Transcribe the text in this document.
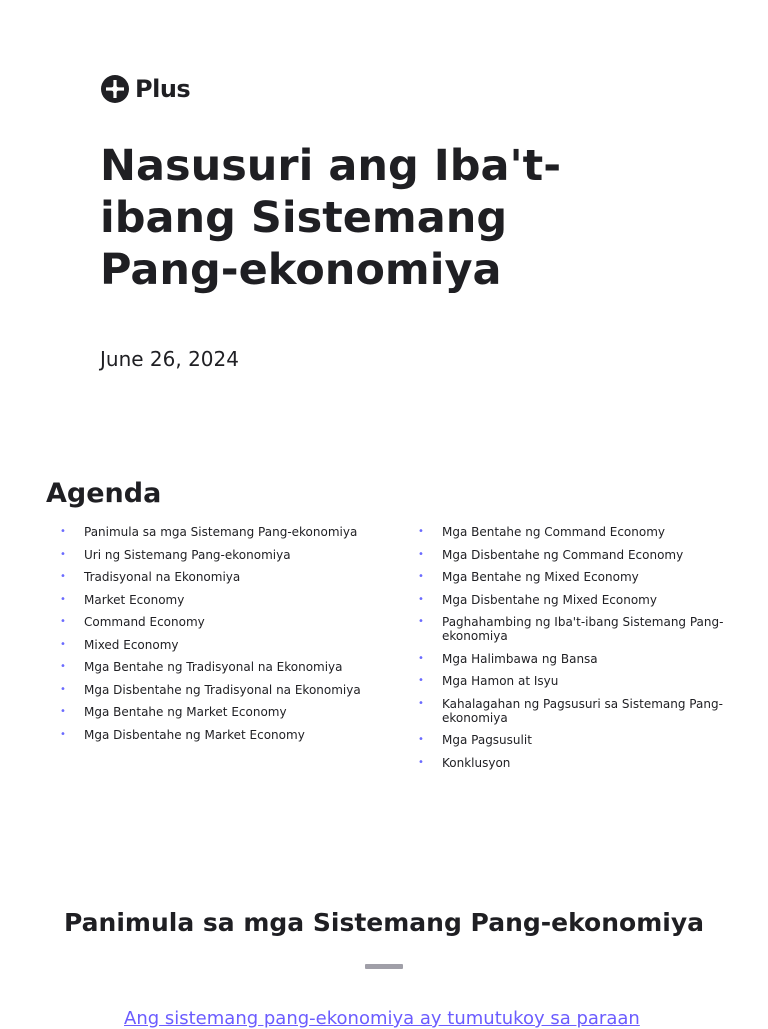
Plus
Nasusuri ang Iba't-ibang Sistemang Pang-ekonomiya
June 26, 2024
Agenda
• Panimula sa mga Sistemang Pang-ekonomiya
• Uri ng Sistemang Pang-ekonomiya
• Tradisyonal na Ekonomiya
• Market Economy
• Command Economy
• Mixed Economy
• Mga Bentahe ng Tradisyonal na Ekonomiya
• Mga Disbentahe ng Tradisyonal na Ekonomiya
• Mga Bentahe ng Market Economy
• Mga Disbentahe ng Market Economy
• Mga Bentahe ng Command Economy
• Mga Disbentahe ng Command Economy
• Mga Bentahe ng Mixed Economy
• Mga Disbentahe ng Mixed Economy
• Paghahambing ng Iba't-ibang Sistemang Pang-ekonomiya
• Mga Halimbawa ng Bansa
• Mga Hamon at Isyu
• Kahalagahan ng Pagsusuri sa Sistemang Pang-ekonomiya
• Mga Pagsusulit
• Konklusyon
Panimula sa mga Sistemang Pang-ekonomiya
Ang sistemang pang-ekonomiya ay tumutukoy sa paraan
